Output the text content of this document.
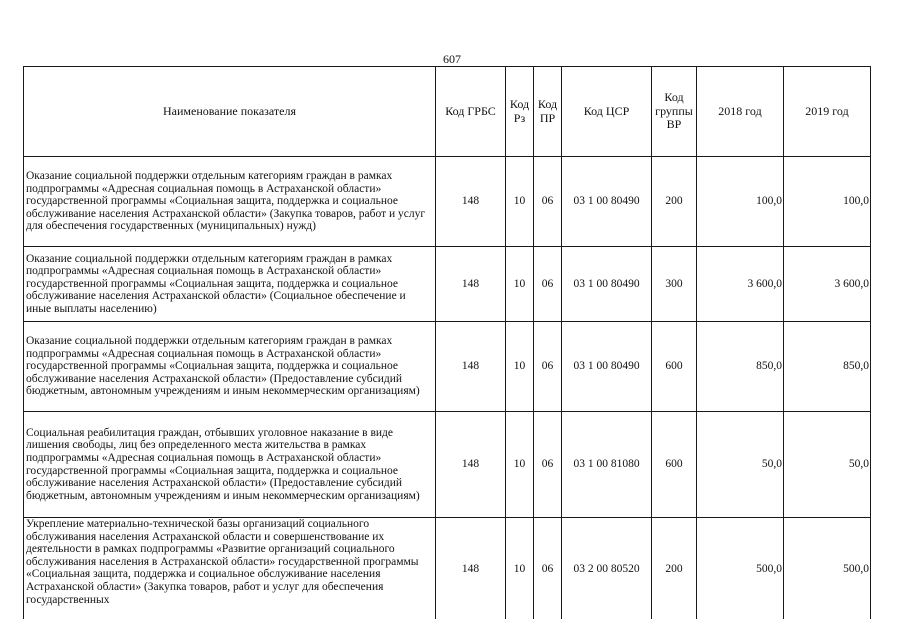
607
Наименование показателя	Код ГРБС	Код Рз	Код ПР	Код ЦСР	Код группы ВР	2018 год	2019 год
Оказание социальной поддержки отдельным категориям граждан в рамках подпрограммы «Адресная социальная помощь в Астраханской области» государственной программы «Социальная защита, поддержка и социальное обслуживание населения Астраханской области» (Закупка товаров, работ и услуг для обеспечения государственных (муниципальных) нужд)	148	10	06	03 1 00 80490	200	100,0	100,0
Оказание социальной поддержки отдельным категориям граждан в рамках подпрограммы «Адресная социальная помощь в Астраханской области» государственной программы «Социальная защита, поддержка и социальное обслуживание населения Астраханской области» (Социальное обеспечение и иные выплаты населению)	148	10	06	03 1 00 80490	300	3 600,0	3 600,0
Оказание социальной поддержки отдельным категориям граждан в рамках подпрограммы «Адресная социальная помощь в Астраханской области» государственной программы «Социальная защита, поддержка и социальное обслуживание населения Астраханской области» (Предоставление субсидий бюджетным, автономным учреждениям и иным некоммерческим организациям)	148	10	06	03 1 00 80490	600	850,0	850,0
Социальная реабилитация граждан, отбывших уголовное наказание в виде лишения свободы, лиц без определенного места жительства в рамках подпрограммы «Адресная социальная помощь в Астраханской области» государственной программы «Социальная защита, поддержка и социальное обслуживание населения Астраханской области» (Предоставление субсидий бюджетным, автономным учреждениям и иным некоммерческим организациям)	148	10	06	03 1 00 81080	600	50,0	50,0
Укрепление материально-технической базы организаций социального обслуживания населения Астраханской области и совершенствование их деятельности в рамках подпрограммы «Развитие организаций социального обслуживания населения в Астраханской области» государственной программы «Социальная защита, поддержка и социальное обслуживание населения Астраханской области» (Закупка товаров, работ и услуг для обеспечения государственных	148	10	06	03 2 00 80520	200	500,0	500,0
